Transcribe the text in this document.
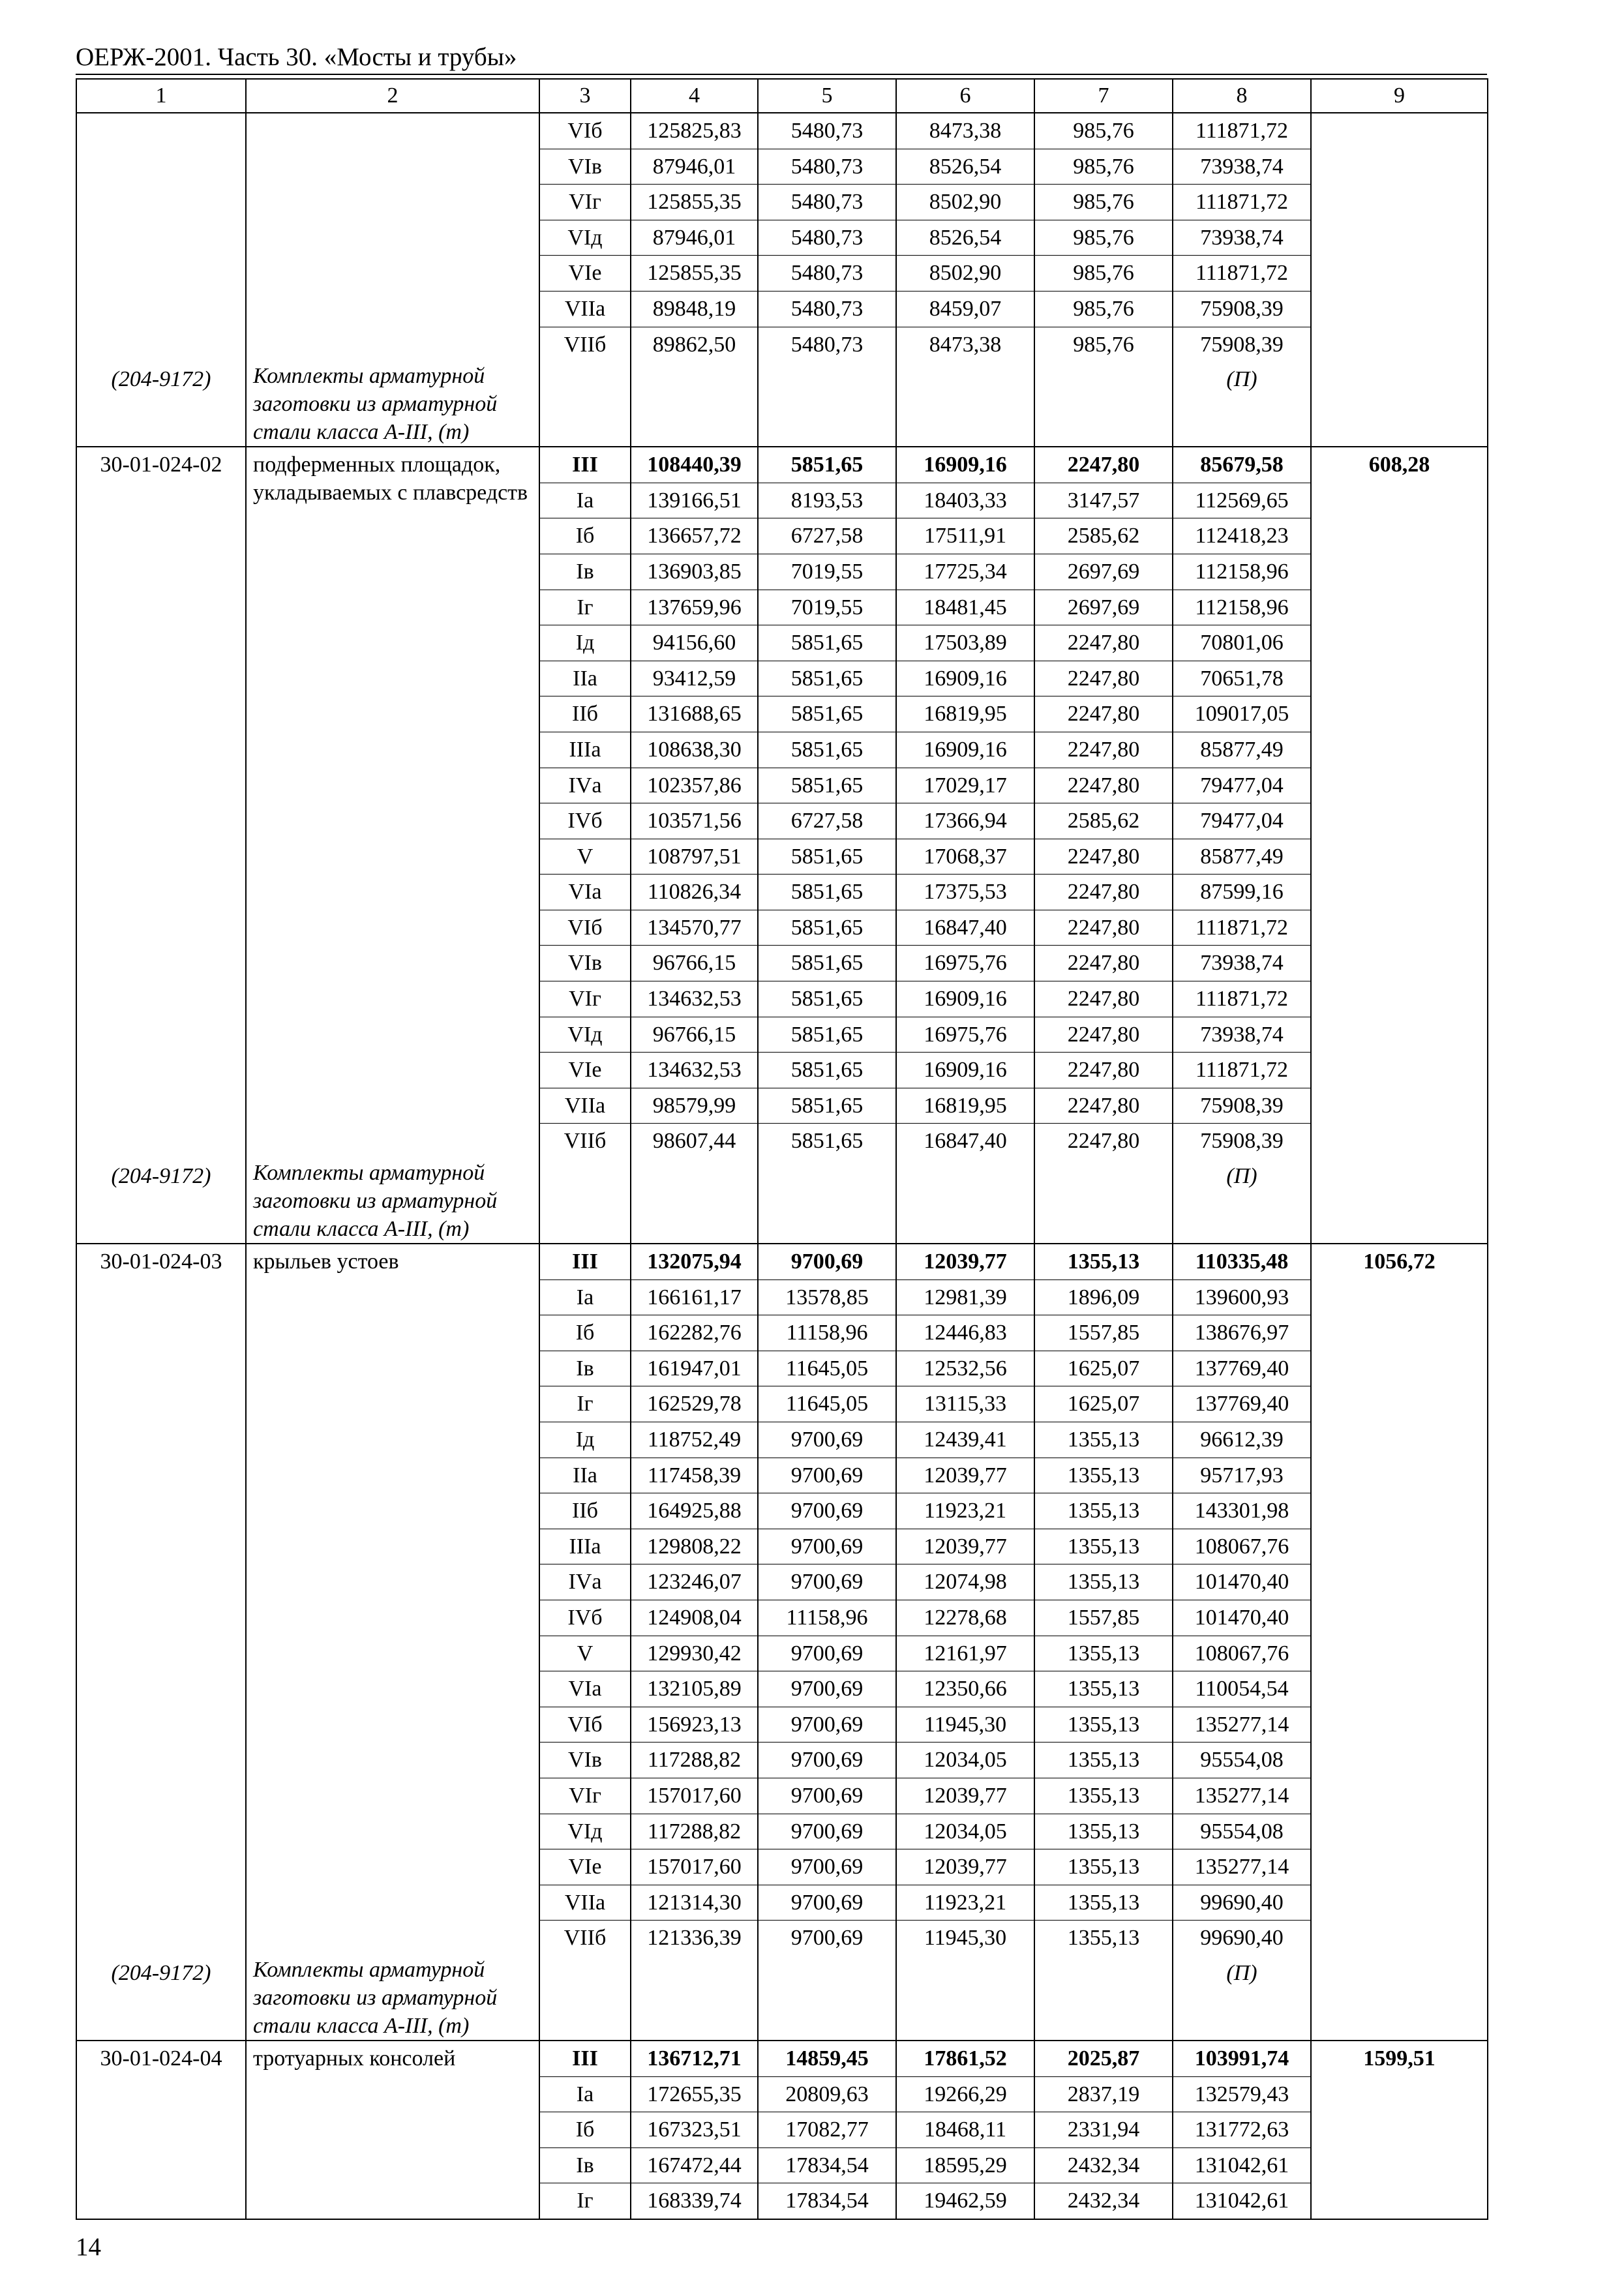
ОЕРЖ-2001. Часть 30. «Мосты и трубы»
1	2	3	4	5	6	7	8	9
		VIб	125825,83	5480,73	8473,38	985,76	111871,72	
		VIв	87946,01	5480,73	8526,54	985,76	73938,74	
		VIг	125855,35	5480,73	8502,90	985,76	111871,72	
		VIд	87946,01	5480,73	8526,54	985,76	73938,74	
		VIе	125855,35	5480,73	8502,90	985,76	111871,72	
		VIIа	89848,19	5480,73	8459,07	985,76	75908,39	
		VIIб	89862,50	5480,73	8473,38	985,76	75908,39	
(204-9172)	Комплекты арматурной заготовки из арматурной стали класса А-III, (т)						(П)	
30-01-024-02	подферменных площадок, укладываемых с плавсредств	III	108440,39	5851,65	16909,16	2247,80	85679,58	608,28
		Iа	139166,51	8193,53	18403,33	3147,57	112569,65	
		Iб	136657,72	6727,58	17511,91	2585,62	112418,23	
		Iв	136903,85	7019,55	17725,34	2697,69	112158,96	
		Iг	137659,96	7019,55	18481,45	2697,69	112158,96	
		Iд	94156,60	5851,65	17503,89	2247,80	70801,06	
		IIа	93412,59	5851,65	16909,16	2247,80	70651,78	
		IIб	131688,65	5851,65	16819,95	2247,80	109017,05	
		IIIа	108638,30	5851,65	16909,16	2247,80	85877,49	
		IVа	102357,86	5851,65	17029,17	2247,80	79477,04	
		IVб	103571,56	6727,58	17366,94	2585,62	79477,04	
		V	108797,51	5851,65	17068,37	2247,80	85877,49	
		VIа	110826,34	5851,65	17375,53	2247,80	87599,16	
		VIб	134570,77	5851,65	16847,40	2247,80	111871,72	
		VIв	96766,15	5851,65	16975,76	2247,80	73938,74	
		VIг	134632,53	5851,65	16909,16	2247,80	111871,72	
		VIд	96766,15	5851,65	16975,76	2247,80	73938,74	
		VIе	134632,53	5851,65	16909,16	2247,80	111871,72	
		VIIа	98579,99	5851,65	16819,95	2247,80	75908,39	
		VIIб	98607,44	5851,65	16847,40	2247,80	75908,39	
(204-9172)	Комплекты арматурной заготовки из арматурной стали класса А-III, (т)						(П)	
30-01-024-03	крыльев устоев	III	132075,94	9700,69	12039,77	1355,13	110335,48	1056,72
		Iа	166161,17	13578,85	12981,39	1896,09	139600,93	
		Iб	162282,76	11158,96	12446,83	1557,85	138676,97	
		Iв	161947,01	11645,05	12532,56	1625,07	137769,40	
		Iг	162529,78	11645,05	13115,33	1625,07	137769,40	
		Iд	118752,49	9700,69	12439,41	1355,13	96612,39	
		IIа	117458,39	9700,69	12039,77	1355,13	95717,93	
		IIб	164925,88	9700,69	11923,21	1355,13	143301,98	
		IIIа	129808,22	9700,69	12039,77	1355,13	108067,76	
		IVа	123246,07	9700,69	12074,98	1355,13	101470,40	
		IVб	124908,04	11158,96	12278,68	1557,85	101470,40	
		V	129930,42	9700,69	12161,97	1355,13	108067,76	
		VIа	132105,89	9700,69	12350,66	1355,13	110054,54	
		VIб	156923,13	9700,69	11945,30	1355,13	135277,14	
		VIв	117288,82	9700,69	12034,05	1355,13	95554,08	
		VIг	157017,60	9700,69	12039,77	1355,13	135277,14	
		VIд	117288,82	9700,69	12034,05	1355,13	95554,08	
		VIе	157017,60	9700,69	12039,77	1355,13	135277,14	
		VIIа	121314,30	9700,69	11923,21	1355,13	99690,40	
		VIIб	121336,39	9700,69	11945,30	1355,13	99690,40	
(204-9172)	Комплекты арматурной заготовки из арматурной стали класса А-III, (т)						(П)	
30-01-024-04	тротуарных консолей	III	136712,71	14859,45	17861,52	2025,87	103991,74	1599,51
		Iа	172655,35	20809,63	19266,29	2837,19	132579,43	
		Iб	167323,51	17082,77	18468,11	2331,94	131772,63	
		Iв	167472,44	17834,54	18595,29	2432,34	131042,61	
		Iг	168339,74	17834,54	19462,59	2432,34	131042,61	
14
